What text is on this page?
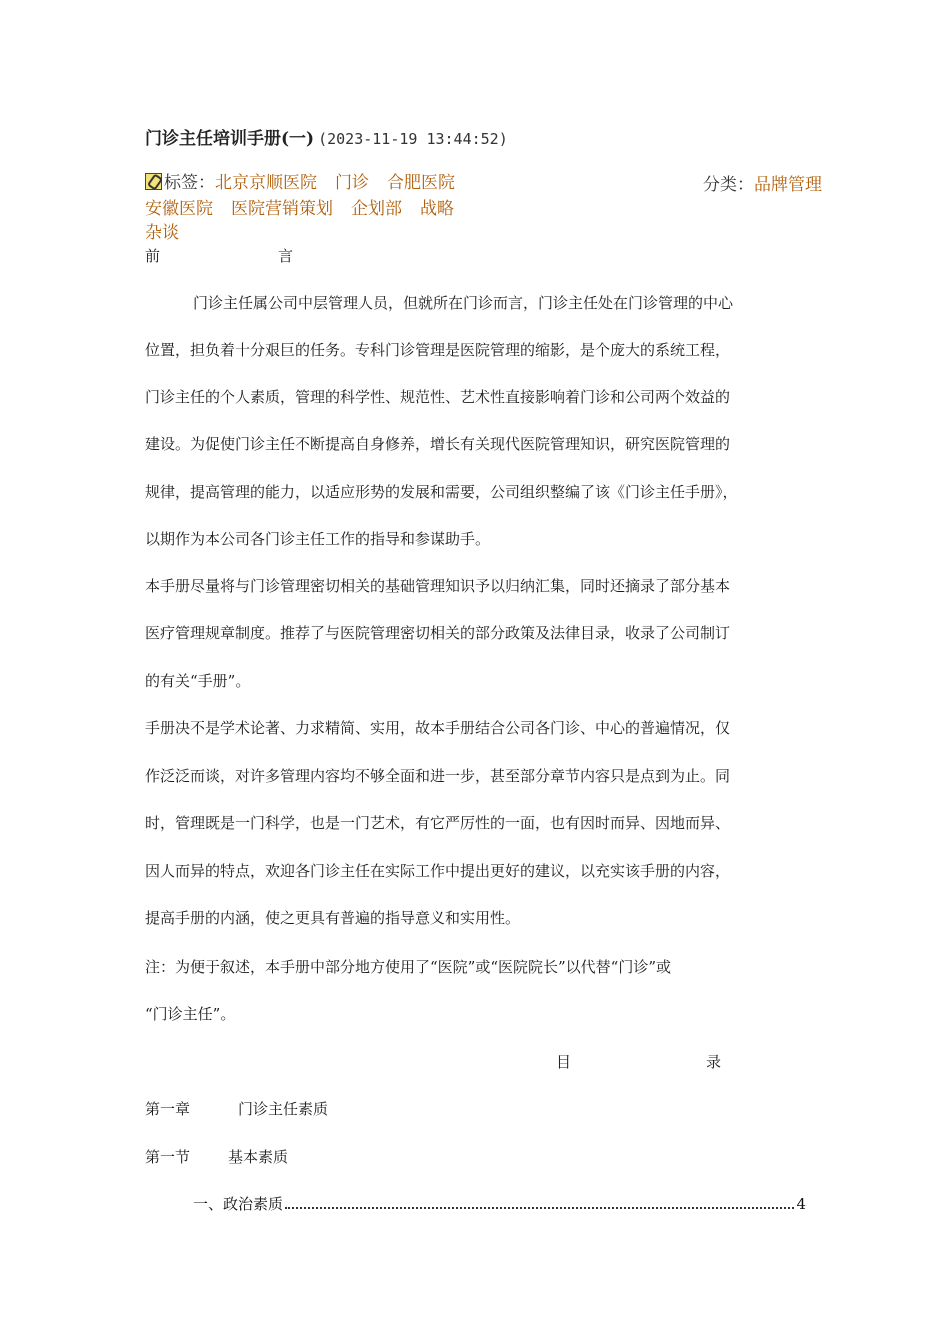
门诊主任培训手册(一) (2023-11-19 13:44:52)
标签：北京京顺医院 门诊 合肥医院
安徽医院 医院营销策划 企划部 战略
杂谈
分类：品牌管理
前	言
门诊主任属公司中层管理人员，但就所在门诊而言，门诊主任处在门诊管理的中心
位置，担负着十分艰巨的任务。专科门诊管理是医院管理的缩影，是个庞大的系统工程，
门诊主任的个人素质，管理的科学性、规范性、艺术性直接影响着门诊和公司两个效益的
建设。为促使门诊主任不断提高自身修养，增长有关现代医院管理知识，研究医院管理的
规律，提高管理的能力，以适应形势的发展和需要，公司组织整编了该《门诊主任手册》，
以期作为本公司各门诊主任工作的指导和参谋助手。
本手册尽量将与门诊管理密切相关的基础管理知识予以归纳汇集，同时还摘录了部分基本
医疗管理规章制度。推荐了与医院管理密切相关的部分政策及法律目录，收录了公司制订
的有关“手册”。
手册决不是学术论著、力求精简、实用，故本手册结合公司各门诊、中心的普遍情况，仅
作泛泛而谈，对许多管理内容均不够全面和进一步，甚至部分章节内容只是点到为止。同
时，管理既是一门科学，也是一门艺术，有它严厉性的一面，也有因时而异、因地而异、
因人而异的特点，欢迎各门诊主任在实际工作中提出更好的建议，以充实该手册的内容，
提高手册的内涵，使之更具有普遍的指导意义和实用性。
注：为便于叙述，本手册中部分地方使用了“医院”或“医院院长”以代替“门诊”或
“门诊主任”。
目	录
第一章	门诊主任素质
第一节	基本素质
一、政治素质	4
